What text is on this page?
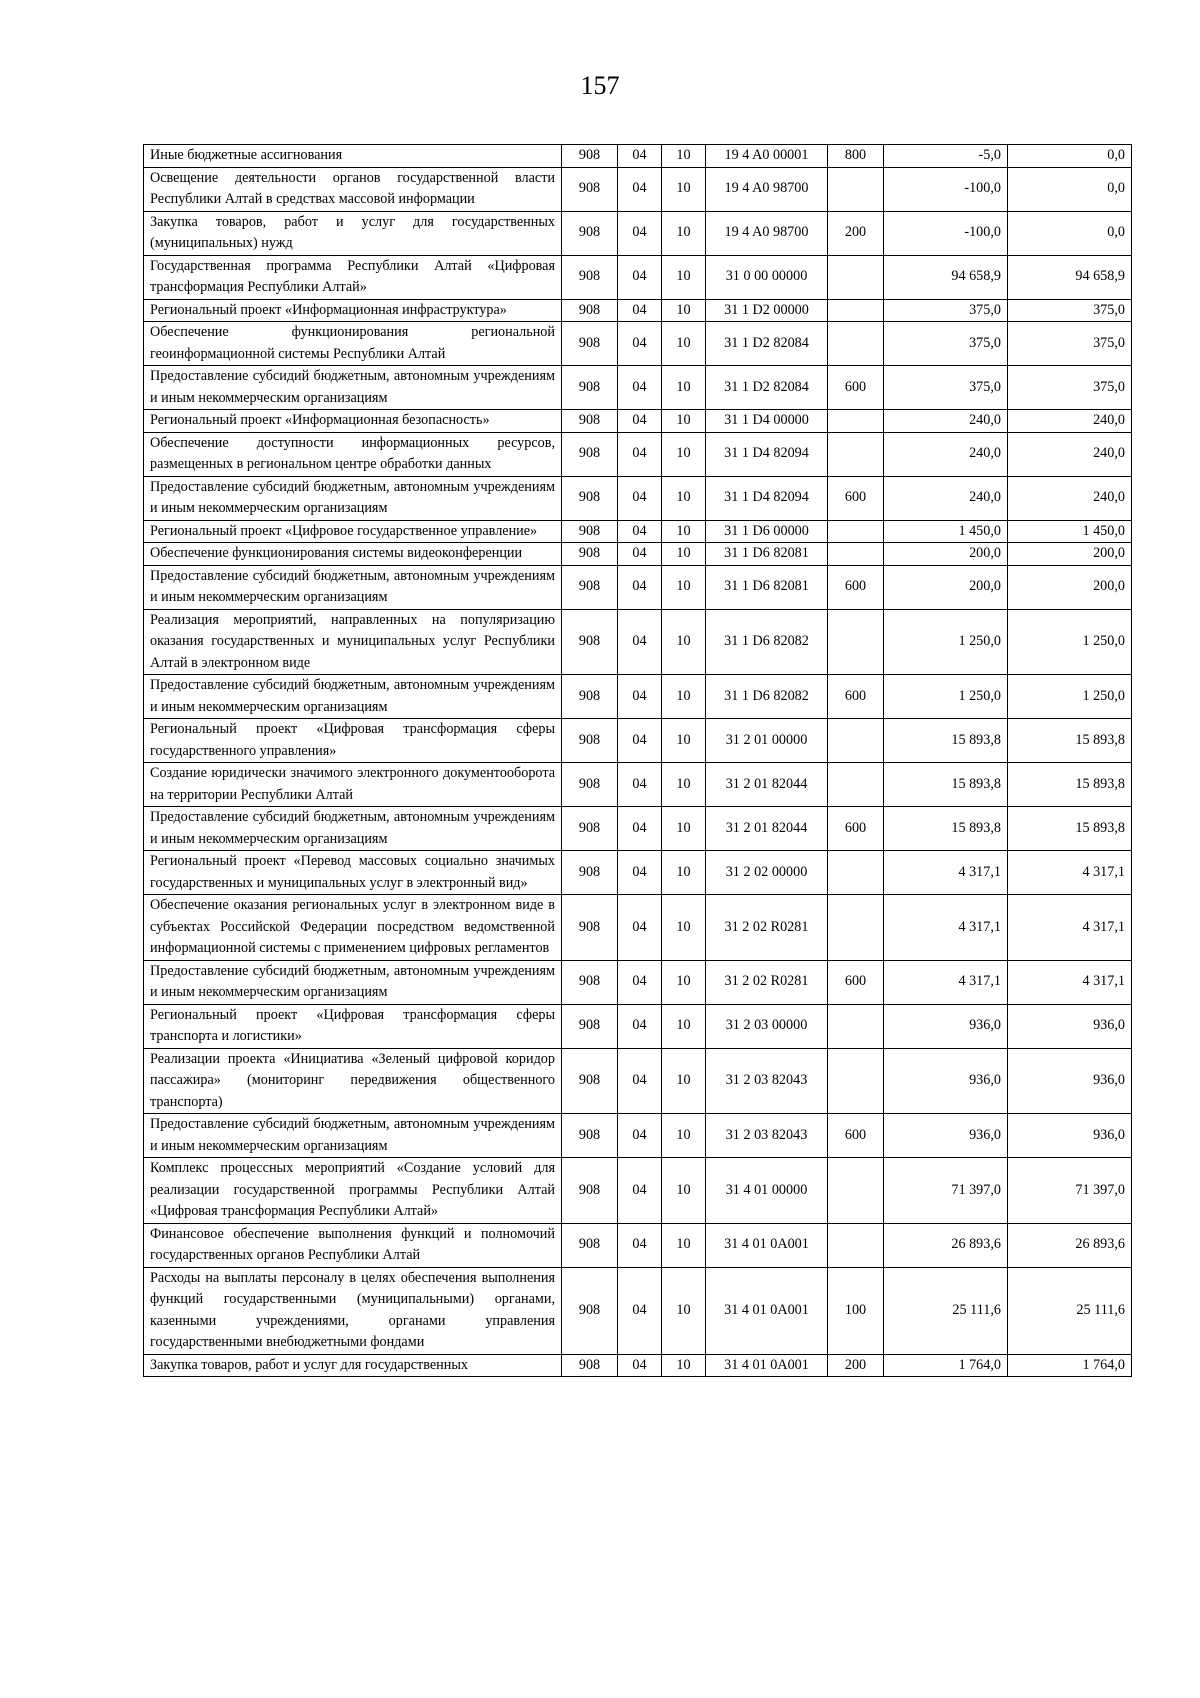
157
Иные бюджетные ассигнования	908	04	10	19 4 A0 00001	800	-5,0	0,0
Освещение деятельности органов государственной власти Республики Алтай в средствах массовой информации	908	04	10	19 4 A0 98700		-100,0	0,0
Закупка товаров, работ и услуг для государственных (муниципальных) нужд	908	04	10	19 4 A0 98700	200	-100,0	0,0
Государственная программа Республики Алтай «Цифровая трансформация Республики Алтай»	908	04	10	31 0 00 00000		94 658,9	94 658,9
Региональный проект «Информационная инфраструктура»	908	04	10	31 1 D2 00000		375,0	375,0
Обеспечение функционирования региональной геоинформационной системы Республики Алтай	908	04	10	31 1 D2 82084		375,0	375,0
Предоставление субсидий бюджетным, автономным учреждениям и иным некоммерческим организациям	908	04	10	31 1 D2 82084	600	375,0	375,0
Региональный проект «Информационная безопасность»	908	04	10	31 1 D4 00000		240,0	240,0
Обеспечение доступности информационных ресурсов, размещенных в региональном центре обработки данных	908	04	10	31 1 D4 82094		240,0	240,0
Предоставление субсидий бюджетным, автономным учреждениям и иным некоммерческим организациям	908	04	10	31 1 D4 82094	600	240,0	240,0
Региональный проект «Цифровое государственное управление»	908	04	10	31 1 D6 00000		1 450,0	1 450,0
Обеспечение функционирования системы видеоконференции	908	04	10	31 1 D6 82081		200,0	200,0
Предоставление субсидий бюджетным, автономным учреждениям и иным некоммерческим организациям	908	04	10	31 1 D6 82081	600	200,0	200,0
Реализация мероприятий, направленных на популяризацию оказания государственных и муниципальных услуг Республики Алтай в электронном виде	908	04	10	31 1 D6 82082		1 250,0	1 250,0
Предоставление субсидий бюджетным, автономным учреждениям и иным некоммерческим организациям	908	04	10	31 1 D6 82082	600	1 250,0	1 250,0
Региональный проект «Цифровая трансформация сферы государственного управления»	908	04	10	31 2 01 00000		15 893,8	15 893,8
Создание юридически значимого электронного документооборота на территории Республики Алтай	908	04	10	31 2 01 82044		15 893,8	15 893,8
Предоставление субсидий бюджетным, автономным учреждениям и иным некоммерческим организациям	908	04	10	31 2 01 82044	600	15 893,8	15 893,8
Региональный проект «Перевод массовых социально значимых государственных и муниципальных услуг в электронный вид»	908	04	10	31 2 02 00000		4 317,1	4 317,1
Обеспечение оказания региональных услуг в электронном виде в субъектах Российской Федерации посредством ведомственной информационной системы с применением цифровых регламентов	908	04	10	31 2 02 R0281		4 317,1	4 317,1
Предоставление субсидий бюджетным, автономным учреждениям и иным некоммерческим организациям	908	04	10	31 2 02 R0281	600	4 317,1	4 317,1
Региональный проект «Цифровая трансформация сферы транспорта и логистики»	908	04	10	31 2 03 00000		936,0	936,0
Реализации проекта «Инициатива «Зеленый цифровой коридор пассажира» (мониторинг передвижения общественного транспорта)	908	04	10	31 2 03 82043		936,0	936,0
Предоставление субсидий бюджетным, автономным учреждениям и иным некоммерческим организациям	908	04	10	31 2 03 82043	600	936,0	936,0
Комплекс процессных мероприятий «Создание условий для реализации государственной программы Республики Алтай «Цифровая трансформация Республики Алтай»	908	04	10	31 4 01 00000		71 397,0	71 397,0
Финансовое обеспечение выполнения функций и полномочий государственных органов Республики Алтай	908	04	10	31 4 01 0A001		26 893,6	26 893,6
Расходы на выплаты персоналу в целях обеспечения выполнения функций государственными (муниципальными) органами, казенными учреждениями, органами управления государственными внебюджетными фондами	908	04	10	31 4 01 0A001	100	25 111,6	25 111,6
Закупка товаров, работ и услуг для государственных	908	04	10	31 4 01 0A001	200	1 764,0	1 764,0
